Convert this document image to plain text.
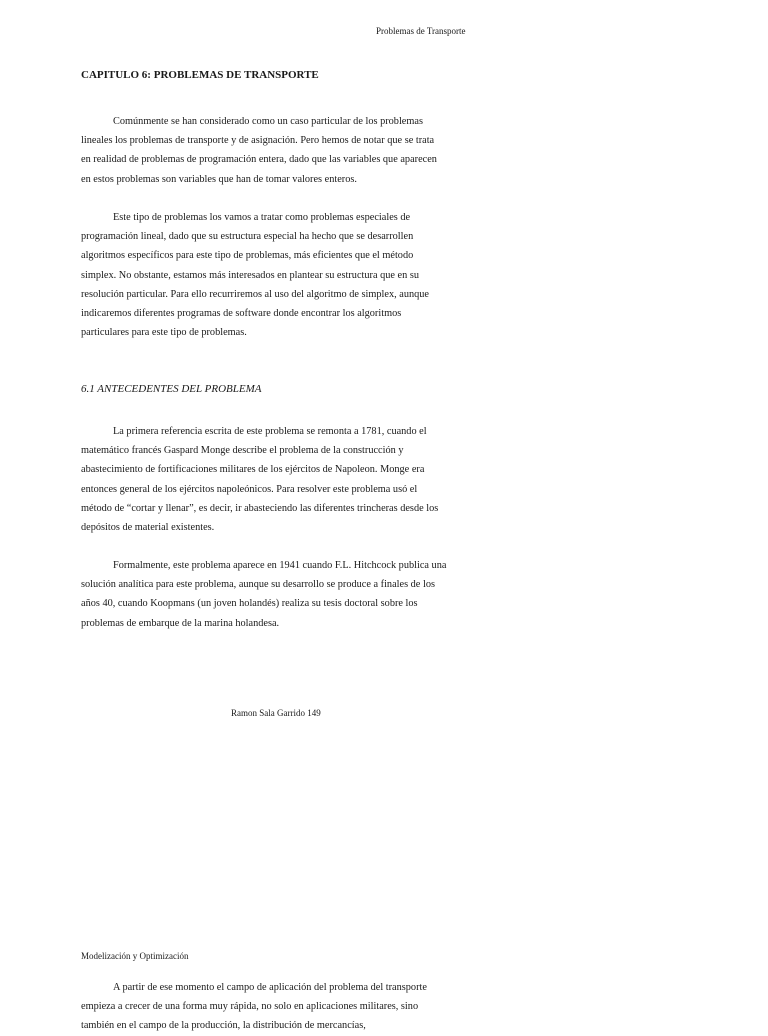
Problemas de Transporte
CAPITULO 6: PROBLEMAS DE TRANSPORTE

Comúnmente se han considerado como un caso particular de los problemas
lineales los problemas de transporte y de asignación. Pero hemos de notar que se trata
en realidad de problemas de programación entera, dado que las variables que aparecen
en estos problemas son variables que han de tomar valores enteros.

Este tipo de problemas los vamos a tratar como problemas especiales de
programación lineal, dado que su estructura especial ha hecho que se desarrollen
algoritmos específicos para este tipo de problemas, más eficientes que el método
simplex. No obstante, estamos más interesados en plantear su estructura que en su
resolución particular. Para ello recurriremos al uso del algoritmo de simplex, aunque
indicaremos diferentes programas de software donde encontrar los algoritmos
particulares para este tipo de problemas.

6.1 ANTECEDENTES DEL PROBLEMA

La primera referencia escrita de este problema se remonta a 1781, cuando el
matemático francés Gaspard Monge describe el problema de la construcción y
abastecimiento de fortificaciones militares de los ejércitos de Napoleon. Monge era
entonces general de los ejércitos napoleónicos. Para resolver este problema usó el
método de “cortar y llenar”, es decir, ir abasteciendo las diferentes trincheras desde los
depósitos de material existentes.

Formalmente, este problema aparece en 1941 cuando F.L. Hitchcock publica una
solución analítica para este problema, aunque su desarrollo se produce a finales de los
años 40, cuando Koopmans (un joven holandés) realiza su tesis doctoral sobre los
problemas de embarque de la marina holandesa.

Ramon Sala Garrido 149
Modelización y Optimización

A partir de ese momento el campo de aplicación del problema del transporte
empieza a crecer de una forma muy rápida, no solo en aplicaciones militares, sino
también en el campo de la producción, la distribución de mercancías,
